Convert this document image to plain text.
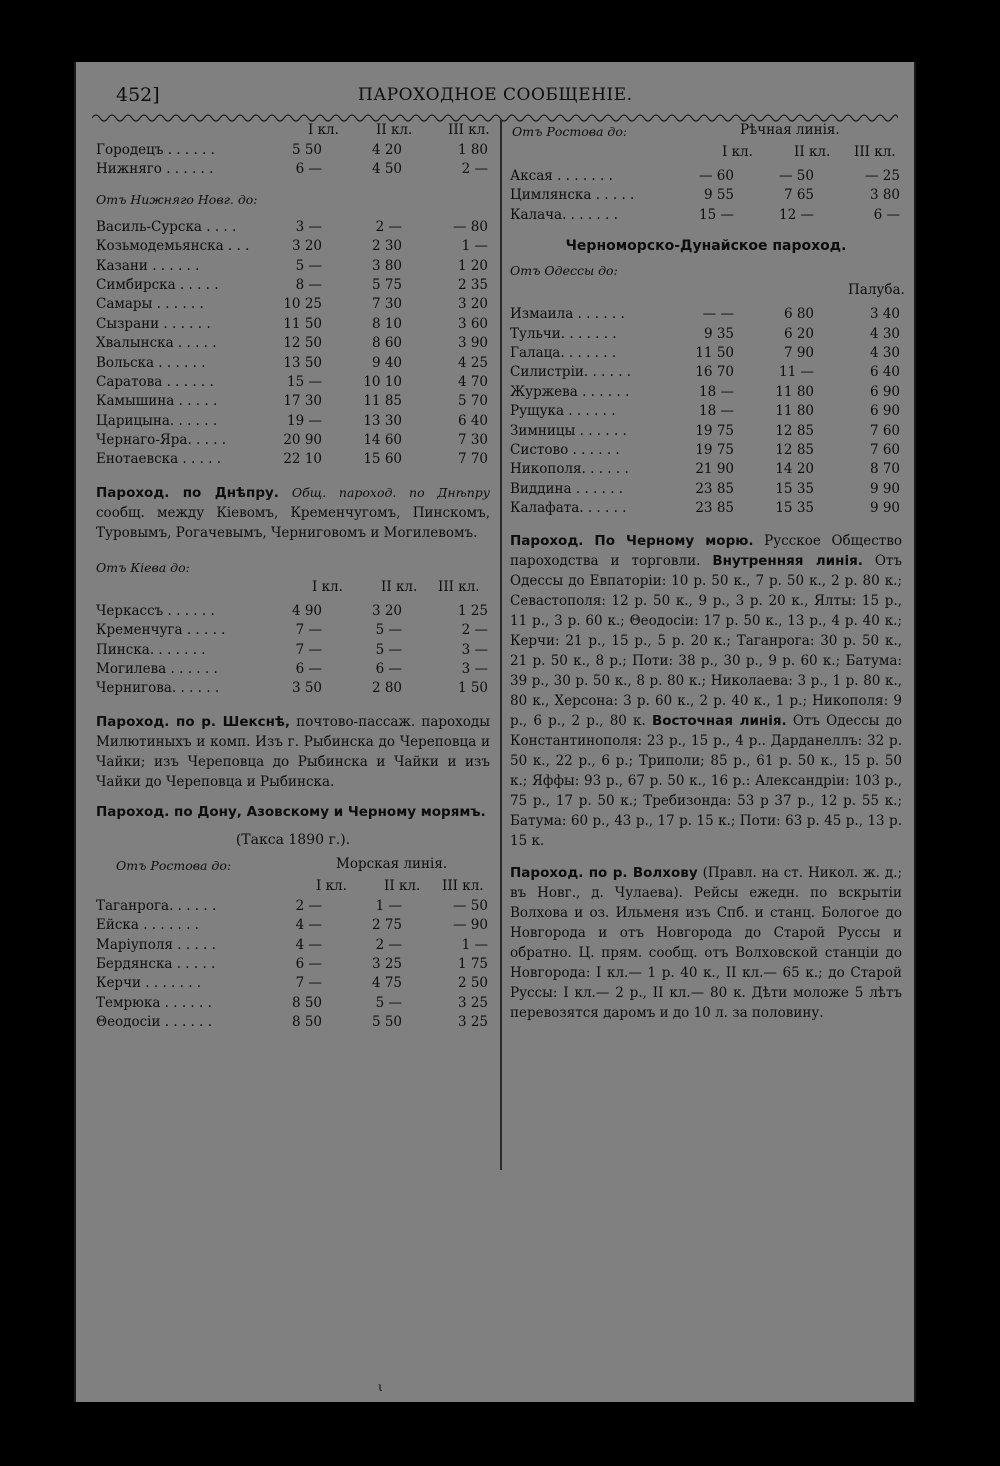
452]	ПАРОХОДНОЕ СООБЩЕНІЕ.
I кл.	II кл.	III кл.
Городецъ . . . . . .	5 50	4 20	1 80
Нижняго . . . . . .	6 —	4 50	2 —
Отъ Нижняго Новг. до:
Василь-Сурска . . . .	3 —	2 —	— 80
Козьмодемьянска . . .	3 20	2 30	1 —
Казани . . . . . .	5 —	3 80	1 20
Симбирска . . . . .	8 —	5 75	2 35
Самары . . . . . .	10 25	7 30	3 20
Сызрани . . . . . .	11 50	8 10	3 60
Хвалынска . . . . .	12 50	8 60	3 90
Вольска . . . . . .	13 50	9 40	4 25
Саратова . . . . . .	15 —	10 10	4 70
Камышина . . . . .	17 30	11 85	5 70
Царицына. . . . . .	19 —	13 30	6 40
Чернаго-Яра. . . . .	20 90	14 60	7 30
Енотаевска . . . . .	22 10	15 60	7 70
Пароход. по Днѣпру. Общ. пароход. по Днѣпру сообщ. между Кіевомъ, Кременчугомъ, Пинскомъ, Туровымъ, Рогачевымъ, Черниговомъ и Могилевомъ.
Отъ Кіева до:
I кл.	II кл. III кл.
Черкассъ . . . . . .	4 90	3 20	1 25
Кременчуга . . . . .	7 —	5 —	2 —
Пинска. . . . . . .	7 —	5 —	3 —
Могилева . . . . . .	6 —	6 —	3 —
Чернигова. . . . . .	3 50	2 80	1 50
Пароход. по р. Шекснѣ, почтово-пассаж. пароходы Милютиныхъ и комп. Изъ г. Рыбинска до Череповца и Чайки; изъ Череповца до Рыбинска и Чайки и изъ Чайки до Череповца и Рыбинска.
Пароход. по Дону, Азовскому и Черному морямъ.
(Такса 1890 г.).
Отъ Ростова до:	Морская линія.
I кл.	II кл. III кл.
Таганрога. . . . . .	2 —	1 —	— 50
Ейска . . . . . . .	4 —	2 75	— 90
Маріуполя . . . . .	4 —	2 —	1 —
Бердянска . . . . .	6 —	3 25	1 75
Керчи . . . . . . .	7 —	4 75	2 50
Темрюка . . . . . .	8 50	5 —	3 25
Θеодосіи . . . . . .	8 50	5 50	3 25
Отъ Ростова до:	Рѣчная линія.
I кл.	II кл. III кл.
Аксая . . . . . . .	— 60	— 50	— 25
Цимлянска . . . . .	9 55	7 65	3 80
Калача. . . . . . .	15 —	12 —	6 —
Черноморско-Дунайское пароход.
Отъ Одессы до:
Палуба.
Измаила . . . . . .	— —	6 80	3 40
Тульчи. . . . . . .	9 35	6 20	4 30
Галаца. . . . . . .	11 50	7 90	4 30
Силистріи. . . . . .	16 70	11 —	6 40
Журжева . . . . . .	18 —	11 80	6 90
Рущука . . . . . .	18 —	11 80	6 90
Зимницы . . . . . .	19 75	12 85	7 60
Систово . . . . . .	19 75	12 85	7 60
Никополя. . . . . .	21 90	14 20	8 70
Виддина . . . . . .	23 85	15 35	9 90
Калафата. . . . . .	23 85	15 35	9 90
Пароход. По Черному морю. Русское Общество пароходства и торговли. Внутренняя линія. Отъ Одессы до Евпаторіи: 10 р. 50 к., 7 р. 50 к., 2 р. 80 к.; Севастополя: 12 р. 50 к., 9 р., 3 р. 20 к., Ялты: 15 р., 11 р., 3 р. 60 к.; Θеодосіи: 17 р. 50 к., 13 р., 4 р. 40 к.; Керчи: 21 р., 15 р., 5 р. 20 к.; Таганрога: 30 р. 50 к., 21 р. 50 к., 8 р.; Поти: 38 р., 30 р., 9 р. 60 к.; Батума: 39 р., 30 р. 50 к., 8 р. 80 к.; Николаева: 3 р., 1 р. 80 к., 80 к., Херсона: 3 р. 60 к., 2 р. 40 к., 1 р.; Никополя: 9 р., 6 р., 2 р., 80 к. Восточная линія. Отъ Одессы до Константинополя: 23 р., 15 р., 4 р.. Дарданеллъ: 32 р. 50 к., 22 р., 6 р.; Триполи; 85 р., 61 р. 50 к., 15 р. 50 к.; Яффы: 93 р., 67 р. 50 к., 16 р.: Александріи: 103 р., 75 р., 17 р. 50 к.; Требизонда: 53 р 37 р., 12 р. 55 к.; Батума: 60 р., 43 р., 17 р. 15 к.; Поти: 63 р. 45 р., 13 р. 15 к.
Пароход. по р. Волхову (Правл. на ст. Никол. ж. д.; въ Новг., д. Чулаева). Рейсы ежедн. по вскрытіи Волхова и оз. Ильменя изъ Спб. и станц. Бологое до Новгорода и отъ Новгорода до Старой Руссы и обратно. Ц. прям. сообщ. отъ Волховской станціи до Новгорода: I кл.— 1 р. 40 к., II кл.— 65 к.; до Старой Руссы: I кл.— 2 р., II кл.— 80 к. Дѣти моложе 5 лѣтъ перевозятся даромъ и до 10 л. за половину.
ι
